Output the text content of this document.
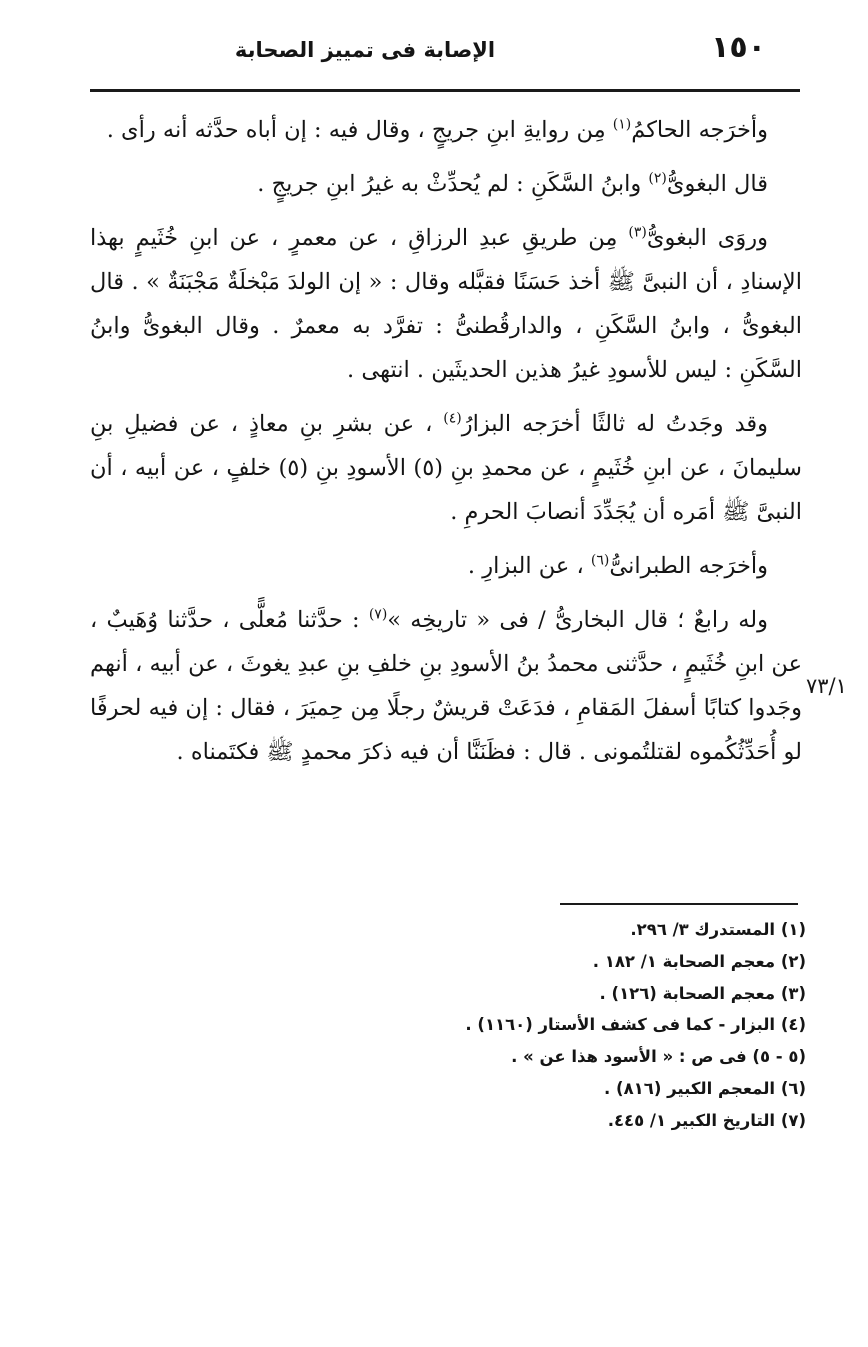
١٥٠
الإصابة فى تمييز الصحابة

وأخرَجه الحاكمُ$^{(١)}$ مِن روايةِ ابنِ جريجٍ ، وقال فيه : إن أباه حدَّثه أنه رأى .

قال البغوىُّ$^{(٢)}$ وابنُ السَّكَنِ : لم يُحدِّثْ به غيرُ ابنِ جريجٍ .

وروَى البغوىُّ$^{(٣)}$ مِن طريقِ عبدِ الرزاقِ ، عن معمرٍ ، عن ابنِ خُثَيمٍ بهذا الإسنادِ ، أن النبىَّ ﷺ أخذ حَسَنًا فقبَّله وقال : « إن الولدَ مَبْخلَةٌ مَجْبَنَةٌ » . قال البغوىُّ ، وابنُ السَّكَنِ ، والدارقُطنىُّ : تفرَّد به معمرٌ . وقال البغوىُّ وابنُ السَّكَنِ : ليس للأسودِ غيرُ هذين الحديثَين . انتهى .

وقد وجَدتُ له ثالثًا أخرَجه البزارُ$^{(٤)}$ ، عن بشرِ بنِ معاذٍ ، عن فضيلِ بنِ سليمانَ ، عن ابنِ خُثَيمٍ ، عن محمدِ بنِ (٥) الأسودِ بنِ (٥) خلفٍ ، عن أبيه ، أن النبىَّ ﷺ أمَره أن يُجَدِّدَ أنصابَ الحرمِ .

وأخرَجه الطبرانىُّ$^{(٦)}$ ، عن البزارِ .

وله رابعٌ ؛ قال البخارىُّ / فى « تاريخِه »$^{(٧)}$ : حدَّثنا مُعلًّى ، حدَّثنا وُهَيبٌ ، عن ابنِ خُثَيمٍ ، حدَّثنى محمدُ بنُ الأسودِ بنِ خلفِ بنِ عبدِ يغوثَ ، عن أبيه ، أنهم وجَدوا كتابًا أسفلَ المَقامِ ، فدَعَتْ قريشٌ رجلًا مِن حِميَرَ ، فقال : إن فيه لحرفًا لو أُحَدِّثُكُموه لقتلتُمونى . قال : فظَنَنَّا أن فيه ذكرَ محمدٍ ﷺ فكتَمناه .

٧٣/١

(١) المستدرك ٣/ ٢٩٦.

(٢) معجم الصحابة ١/ ١٨٢ .

(٣) معجم الصحابة (١٢٦) .

(٤) البزار - كما فى كشف الأستار (١١٦٠) .

(٥ - ٥) فى ص : « الأسود هذا عن » .

(٦) المعجم الكبير (٨١٦) .

(٧) التاريخ الكبير ١/ ٤٤٥.
